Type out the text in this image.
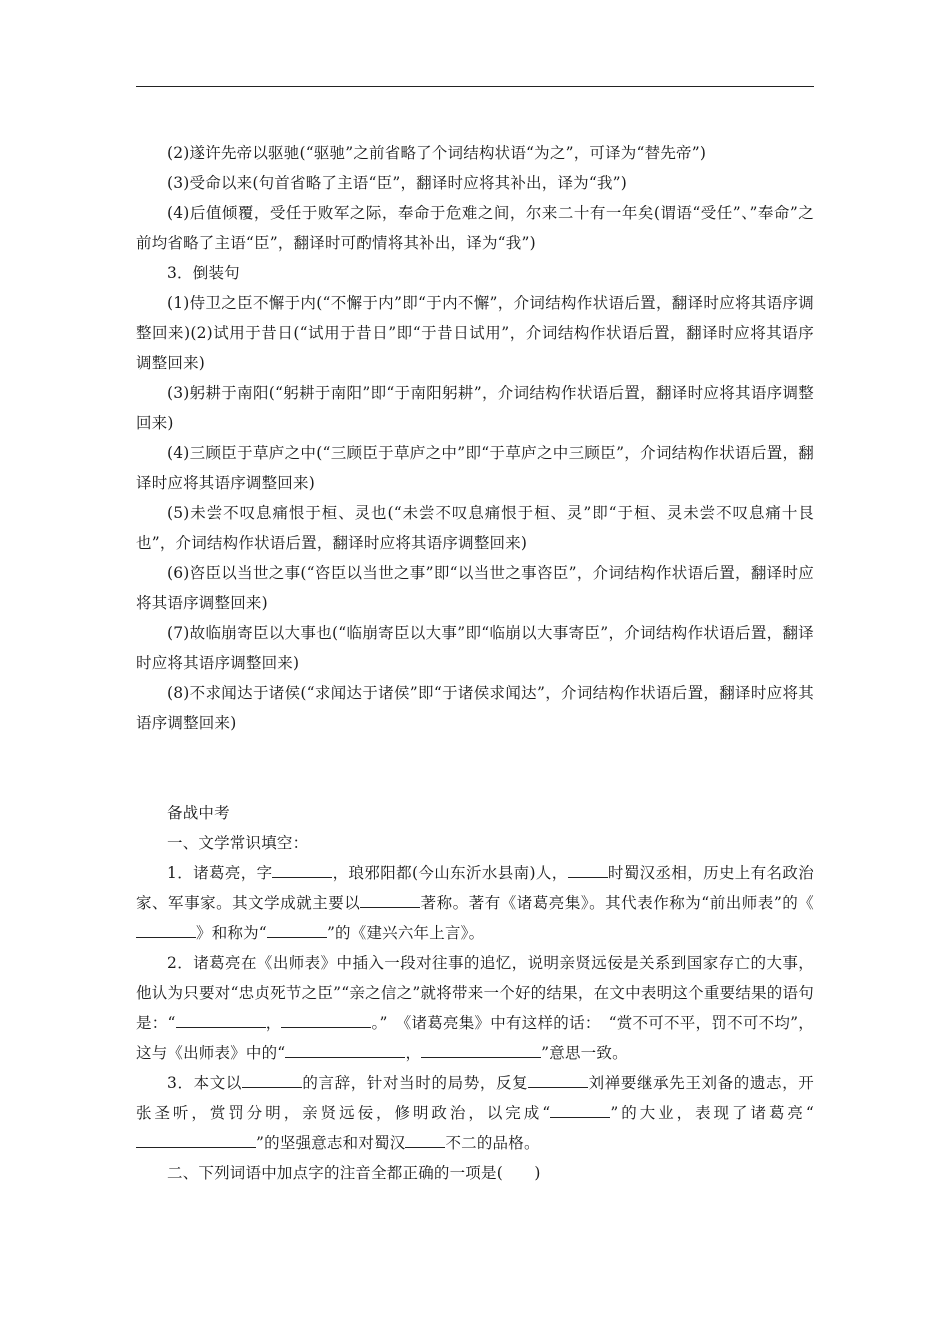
(2)遂许先帝以驱驰(“驱驰”之前省略了个词结构状语“为之”，可译为“替先帝”)

(3)受命以来(句首省略了主语“臣”，翻译时应将其补出，译为“我”)

(4)后值倾覆，受任于败军之际，奉命于危难之间，尔来二十有一年矣(谓语“受任”、”奉命”之前均省略了主语“臣”，翻译时可酌情将其补出，译为“我”)

3．倒装句

(1)侍卫之臣不懈于内(“不懈于内”即“于内不懈”，介词结构作状语后置，翻译时应将其语序调整回来)(2)试用于昔日(“试用于昔日”即“于昔日试用”，介词结构作状语后置，翻译时应将其语序调整回来)

(3)躬耕于南阳(“躬耕于南阳”即“于南阳躬耕”，介词结构作状语后置，翻译时应将其语序调整回来)

(4)三顾臣于草庐之中(“三顾臣于草庐之中”即“于草庐之中三顾臣”，介词结构作状语后置，翻译时应将其语序调整回来)

(5)未尝不叹息痛恨于桓、灵也(“未尝不叹息痛恨于桓、灵”即“于桓、灵未尝不叹息痛十艮也”，介词结构作状语后置，翻译时应将其语序调整回来)

(6)咨臣以当世之事(“咨臣以当世之事”即“以当世之事咨臣”，介词结构作状语后置，翻译时应将其语序调整回来)

(7)故临崩寄臣以大事也(“临崩寄臣以大事”即“临崩以大事寄臣”，介词结构作状语后置，翻译时应将其语序调整回来)

(8)不求闻达于诸侯(“求闻达于诸侯”即“于诸侯求闻达”，介词结构作状语后置，翻译时应将其语序调整回来)

备战中考

一、文学常识填空：

1．诸葛亮，字	，琅邪阳都(今山东沂水县南)人，	时蜀汉丞相，历史上有名政治家、军事家。其文学成就主要以	著称。著有《诸葛亮集》。其代表作称为“前出师表”的《》和称为“	”的《建兴六年上言》。

2．诸葛亮在《出师表》中插入一段对往事的追忆，说明亲贤远佞是关系到国家存亡的大事，他认为只要对“忠贞死节之臣”“亲之信之”就将带来一个好的结果，在文中表明这个重要结果的语句是：“	，	。”　《诸葛亮集》中有这样的话：　“赏不可不平，罚不可不均”，这与《出师表》中的“	，	”意思一致。

3．本文以	的言辞，针对当时的局势，反复	刘禅要继承先王刘备的遗志，开张圣听，赏罚分明，亲贤远佞，修明政治，以完成“	”的大业，表现了诸葛亮“”的坚强意志和对蜀汉	不二的品格。

二、下列词语中加点字的注音全都正确的一项是(　　)
